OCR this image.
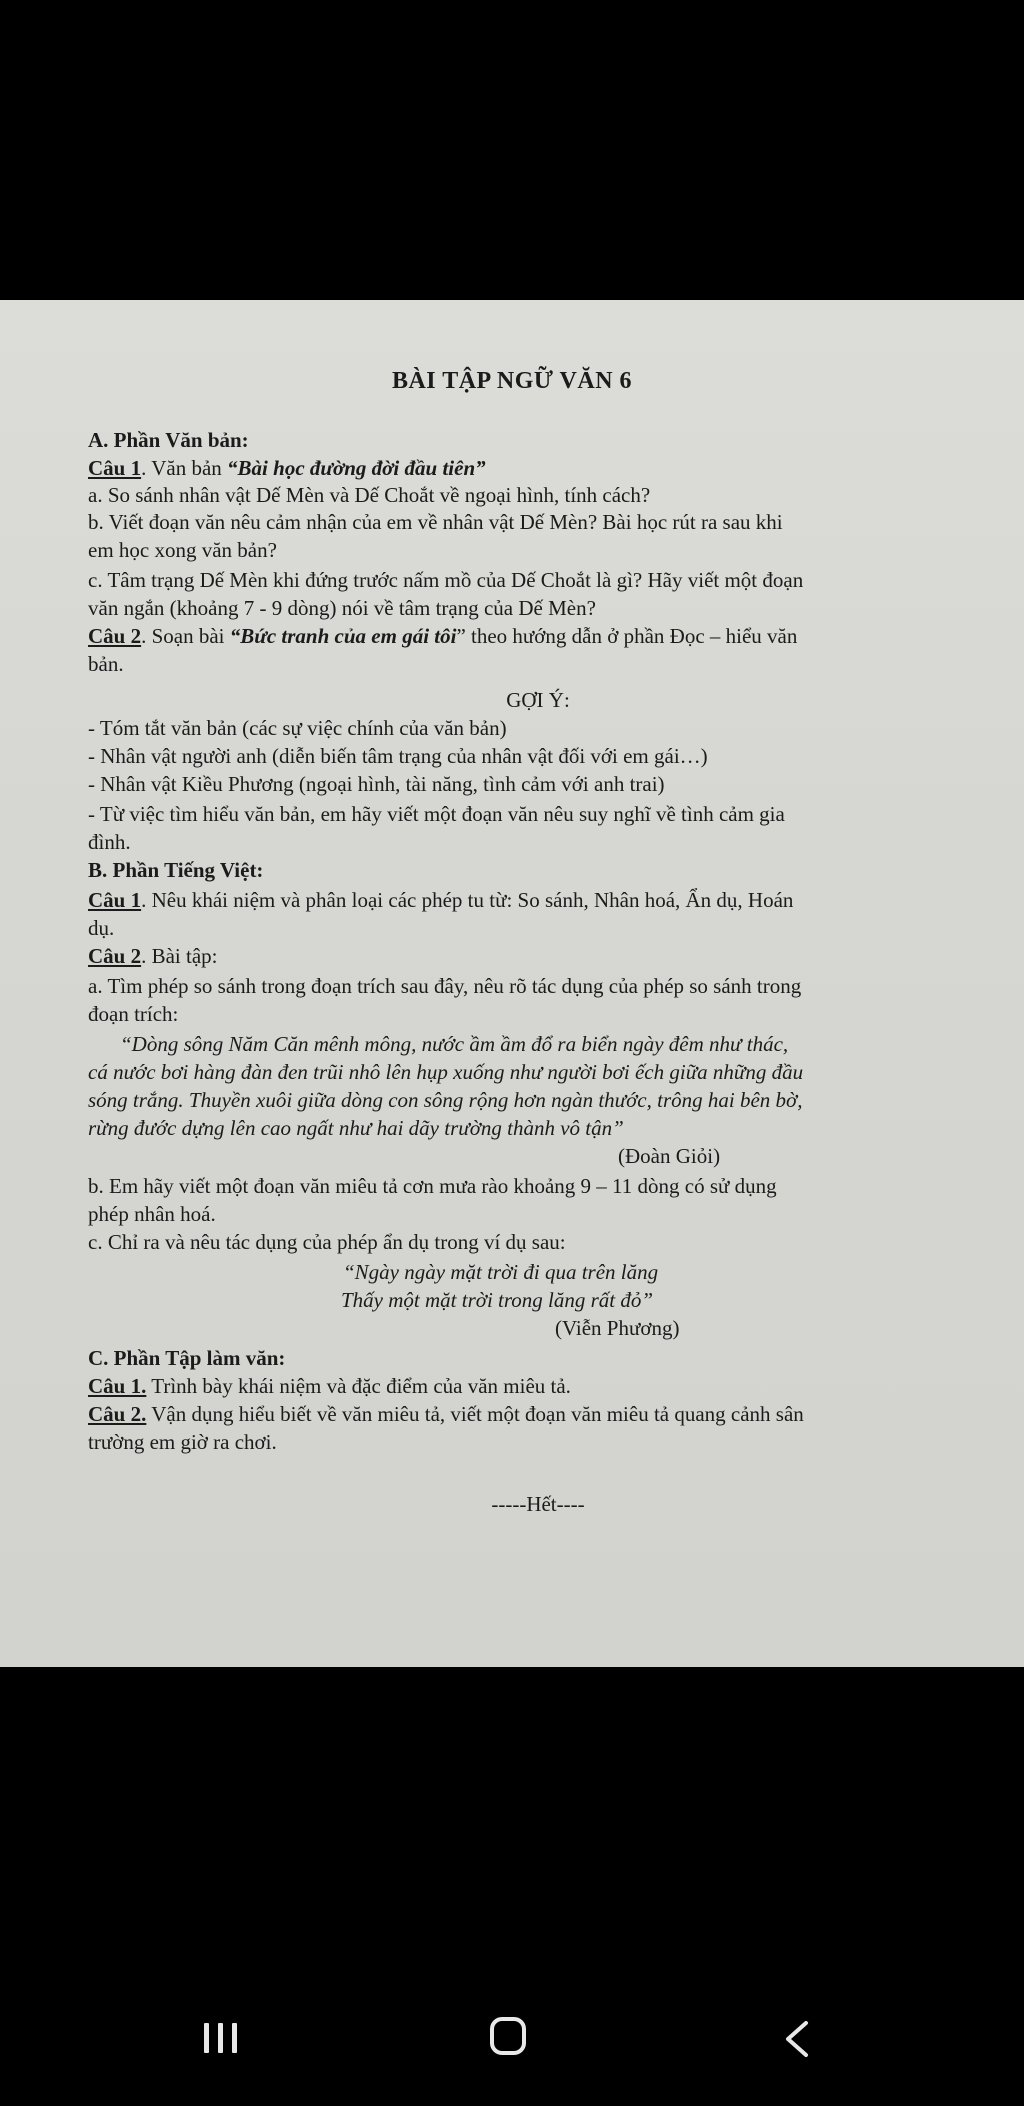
BÀI TẬP NGỮ VĂN 6
A. Phần Văn bản:
Câu 1. Văn bản “Bài học đường đời đầu tiên”
a. So sánh nhân vật Dế Mèn và Dế Choắt về ngoại hình, tính cách?
b. Viết đoạn văn nêu cảm nhận của em về nhân vật Dế Mèn? Bài học rút ra sau khi
em học xong văn bản?
c. Tâm trạng Dế Mèn khi đứng trước nấm mồ của Dế Choắt là gì? Hãy viết một đoạn
văn ngắn (khoảng 7 - 9 dòng) nói về tâm trạng của Dế Mèn?
Câu 2. Soạn bài “Bức tranh của em gái tôi” theo hướng dẫn ở phần Đọc – hiểu văn
bản.
GỢI Ý:
- Tóm tắt văn bản (các sự việc chính của văn bản)
- Nhân vật người anh (diễn biến tâm trạng của nhân vật đối với em gái…)
- Nhân vật Kiều Phương (ngoại hình, tài năng, tình cảm với anh trai)
- Từ việc tìm hiểu văn bản, em hãy viết một đoạn văn nêu suy nghĩ về tình cảm gia
đình.
B. Phần Tiếng Việt:
Câu 1. Nêu khái niệm và phân loại các phép tu từ: So sánh, Nhân hoá, Ẩn dụ, Hoán
dụ.
Câu 2. Bài tập:
a. Tìm phép so sánh trong đoạn trích sau đây, nêu rõ tác dụng của phép so sánh trong
đoạn trích:
“Dòng sông Năm Căn mênh mông, nước ầm ầm đổ ra biển ngày đêm như thác,
cá nước bơi hàng đàn đen trũi nhô lên hụp xuống như người bơi ếch giữa những đầu
sóng trắng. Thuyền xuôi giữa dòng con sông rộng hơn ngàn thước, trông hai bên bờ,
rừng đước dựng lên cao ngất như hai dãy trường thành vô tận”
(Đoàn Giỏi)
b. Em hãy viết một đoạn văn miêu tả cơn mưa rào khoảng 9 – 11 dòng có sử dụng
phép nhân hoá.
c. Chỉ ra và nêu tác dụng của phép ẩn dụ trong ví dụ sau:
“Ngày ngày mặt trời đi qua trên lăng
Thấy một mặt trời trong lăng rất đỏ”
(Viễn Phương)
C. Phần Tập làm văn:
Câu 1. Trình bày khái niệm và đặc điểm của văn miêu tả.
Câu 2. Vận dụng hiểu biết về văn miêu tả, viết một đoạn văn miêu tả quang cảnh sân
trường em giờ ra chơi.
-----Hết----
